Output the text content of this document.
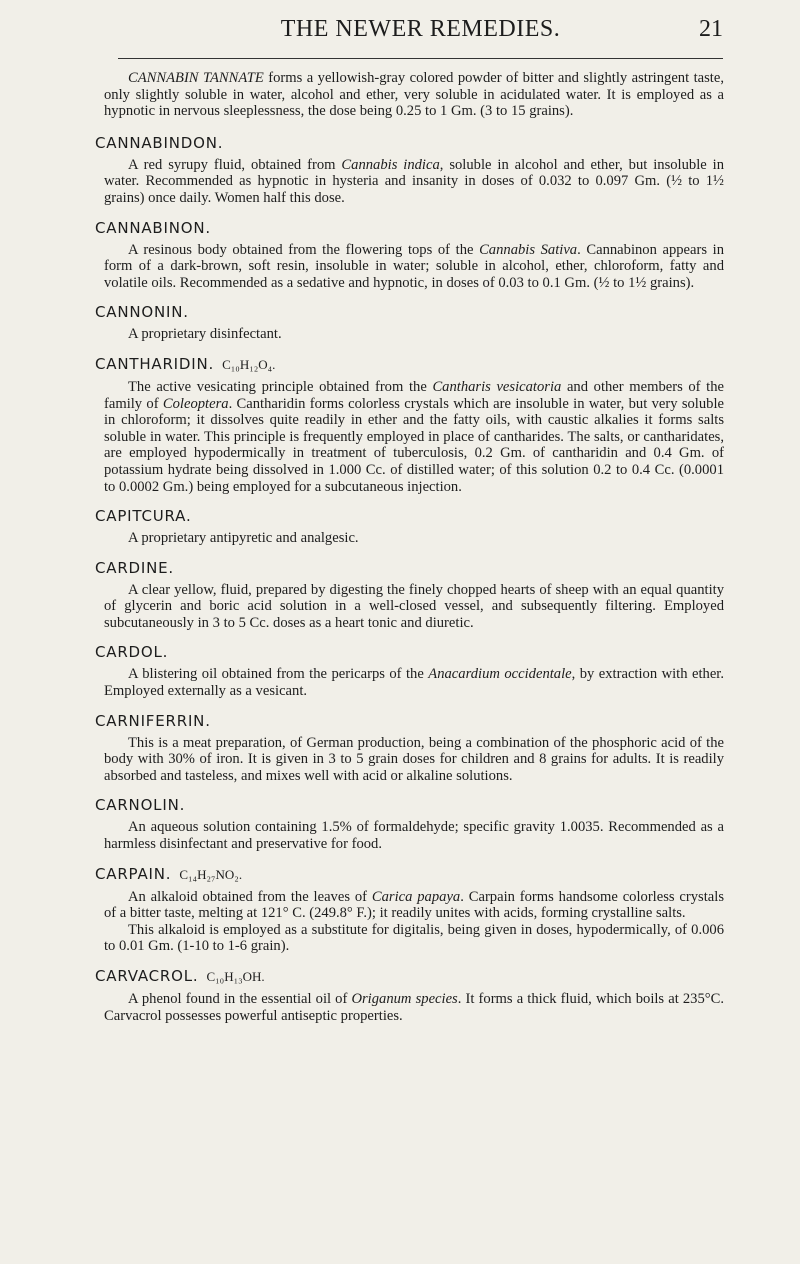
THE NEWER REMEDIES.	21

CANNABIN TANNATE forms a yellowish-gray colored powder of bitter and slightly astringent taste, only slightly soluble in water, alcohol and ether, very soluble in acidulated water. It is employed as a hypnotic in nervous sleeplessness, the dose being 0.25 to 1 Gm. (3 to 15 grains).

CANNABINDON.

A red syrupy fluid, obtained from Cannabis indica, soluble in alcohol and ether, but insoluble in water. Recommended as hypnotic in hysteria and insanity in doses of 0.032 to 0.097 Gm. (½ to 1½ grains) once daily. Women half this dose.

CANNABINON.

A resinous body obtained from the flowering tops of the Cannabis Sativa. Cannabinon appears in form of a dark-brown, soft resin, insoluble in water; soluble in alcohol, ether, chloroform, fatty and volatile oils. Recommended as a sedative and hypnotic, in doses of 0.03 to 0.1 Gm. (½ to 1½ grains).

CANNONIN.

A proprietary disinfectant.

CANTHARIDIN. C₁₀H₁₂O₄.

The active vesicating principle obtained from the Cantharis vesicatoria and other members of the family of Coleoptera. Cantharidin forms colorless crystals which are insoluble in water, but very soluble in chloroform; it dissolves quite readily in ether and the fatty oils, with caustic alkalies it forms salts soluble in water. This principle is frequently employed in place of cantharides. The salts, or cantharidates, are employed hypodermically in treatment of tuberculosis, 0.2 Gm. of cantharidin and 0.4 Gm. of potassium hydrate being dissolved in 1.000 Cc. of distilled water; of this solution 0.2 to 0.4 Cc. (0.0001 to 0.0002 Gm.) being employed for a subcutaneous injection.

CAPITCURA.

A proprietary antipyretic and analgesic.

CARDINE.

A clear yellow, fluid, prepared by digesting the finely chopped hearts of sheep with an equal quantity of glycerin and boric acid solution in a well-closed vessel, and subsequently filtering. Employed subcutaneously in 3 to 5 Cc. doses as a heart tonic and diuretic.

CARDOL.

A blistering oil obtained from the pericarps of the Anacardium occidentale, by extraction with ether. Employed externally as a vesicant.

CARNIFERRIN.

This is a meat preparation, of German production, being a combination of the phosphoric acid of the body with 30% of iron. It is given in 3 to 5 grain doses for children and 8 grains for adults. It is readily absorbed and tasteless, and mixes well with acid or alkaline solutions.

CARNOLIN.

An aqueous solution containing 1.5% of formaldehyde; specific gravity 1.0035. Recommended as a harmless disinfectant and preservative for food.

CARPAIN. C₁₄H₂₇NO₂.

An alkaloid obtained from the leaves of Carica papaya. Carpain forms handsome colorless crystals of a bitter taste, melting at 121° C. (249.8° F.); it readily unites with acids, forming crystalline salts.

This alkaloid is employed as a substitute for digitalis, being given in doses, hypodermically, of 0.006 to 0.01 Gm. (1-10 to 1-6 grain).

CARVACROL. C₁₀H₁₃OH.

A phenol found in the essential oil of Origanum species. It forms a thick fluid, which boils at 235°C. Carvacrol possesses powerful antiseptic properties.
